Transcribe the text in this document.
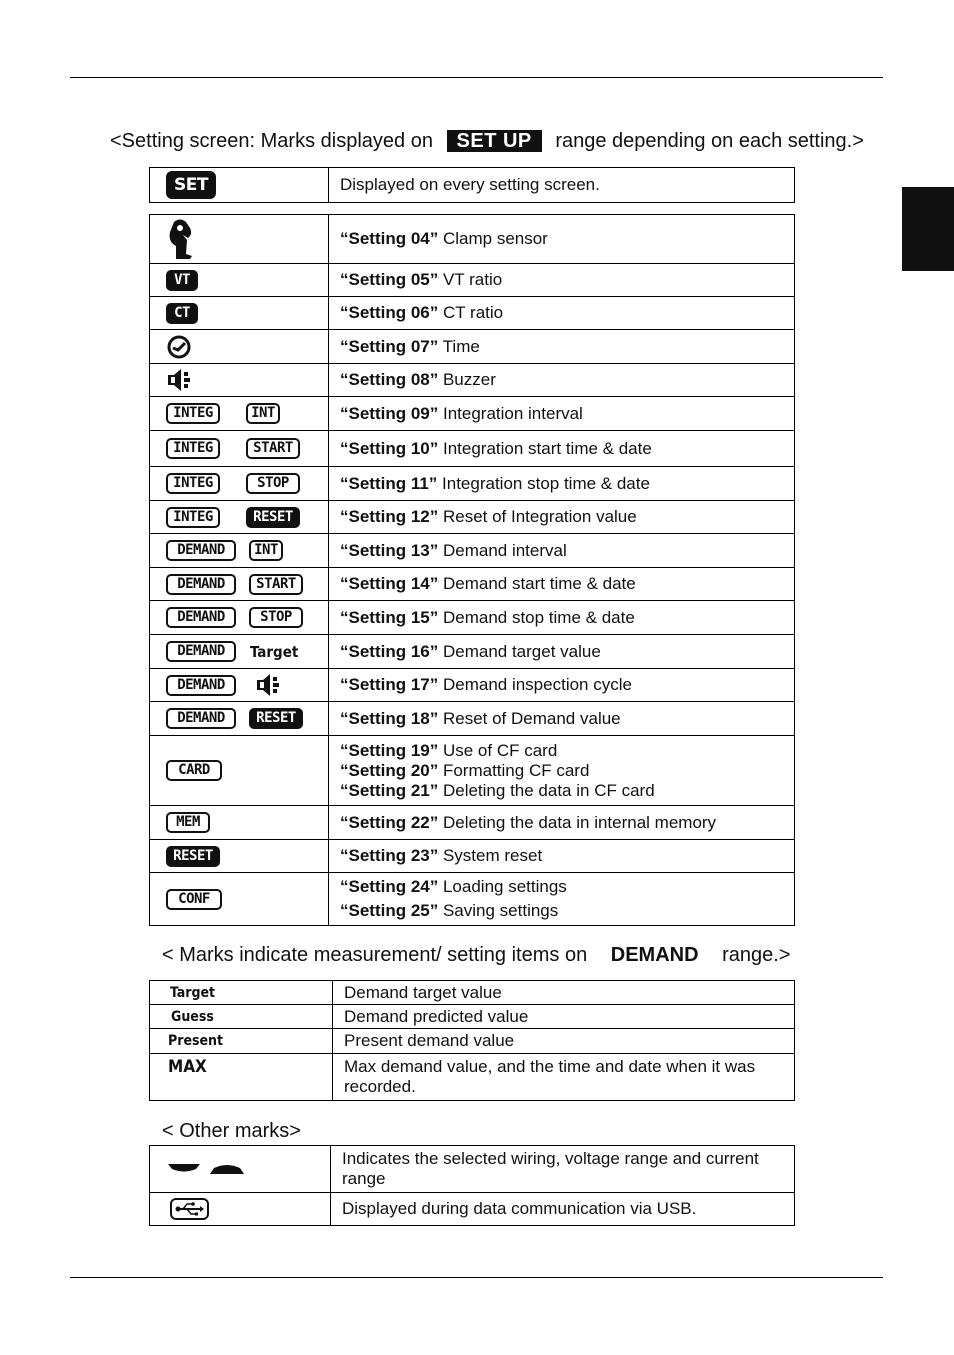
<Setting screen: Marks displayed on SET UP range depending on each setting.>
SET	Displayed on every setting screen.
	“Setting 04” Clamp sensor
VT	“Setting 05” VT ratio
CT	“Setting 06” CT ratio
	“Setting 07” Time
	“Setting 08” Buzzer
INTEG INT	“Setting 09” Integration interval
INTEG START	“Setting 10” Integration start time & date
INTEG STOP	“Setting 11” Integration stop time & date
INTEG RESET	“Setting 12” Reset of Integration value
DEMAND INT	“Setting 13” Demand interval
DEMAND START	“Setting 14” Demand start time & date
DEMAND STOP	“Setting 15” Demand stop time & date
DEMAND Target	“Setting 16” Demand target value
DEMAND	“Setting 17” Demand inspection cycle
DEMAND RESET	“Setting 18” Reset of Demand value
CARD	“Setting 19” Use of CF card
“Setting 20” Formatting CF card
“Setting 21” Deleting the data in CF card

MEM	“Setting 22” Deleting the data in internal memory
RESET	“Setting 23” System reset
CONF	“Setting 24” Loading settings
“Setting 25” Saving settings
< Marks indicate measurement/ setting items on DEMAND range.>
Target	Demand target value
Guess	Demand predicted value
Present	Present demand value
MAX	Max demand value, and the time and date when it was recorded.
< Other marks>
	Indicates the selected wiring, voltage range and current range
	Displayed during data communication via USB.
